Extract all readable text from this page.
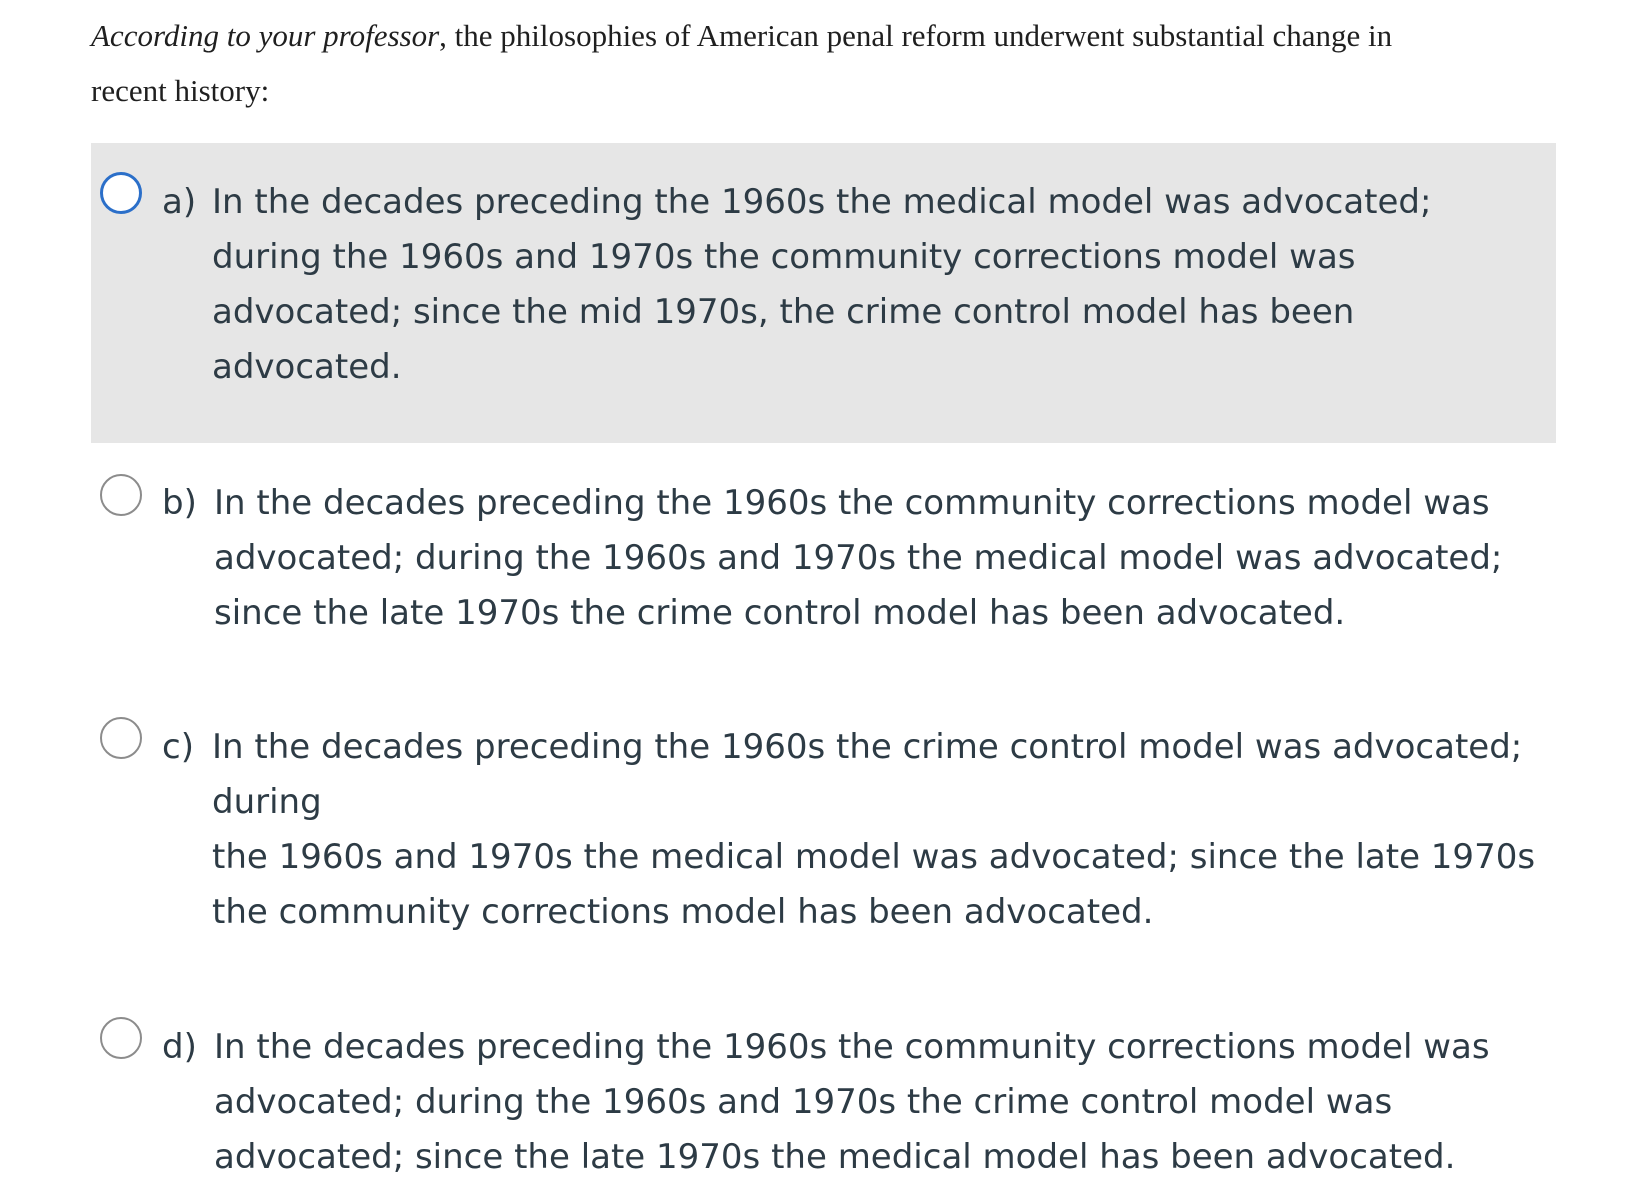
According to your professor, the philosophies of American penal reform underwent substantial change in
recent history:
a) In the decades preceding the 1960s the medical model was advocated;
during the 1960s and 1970s the community corrections model was
advocated; since the mid 1970s, the crime control model has been
advocated.
b) In the decades preceding the 1960s the community corrections model was
advocated; during the 1960s and 1970s the medical model was advocated;
since the late 1970s the crime control model has been advocated.
c) In the decades preceding the 1960s the crime control model was advocated;
during
the 1960s and 1970s the medical model was advocated; since the late 1970s
the community corrections model has been advocated.
d) In the decades preceding the 1960s the community corrections model was
advocated; during the 1960s and 1970s the crime control model was
advocated; since the late 1970s the medical model has been advocated.
